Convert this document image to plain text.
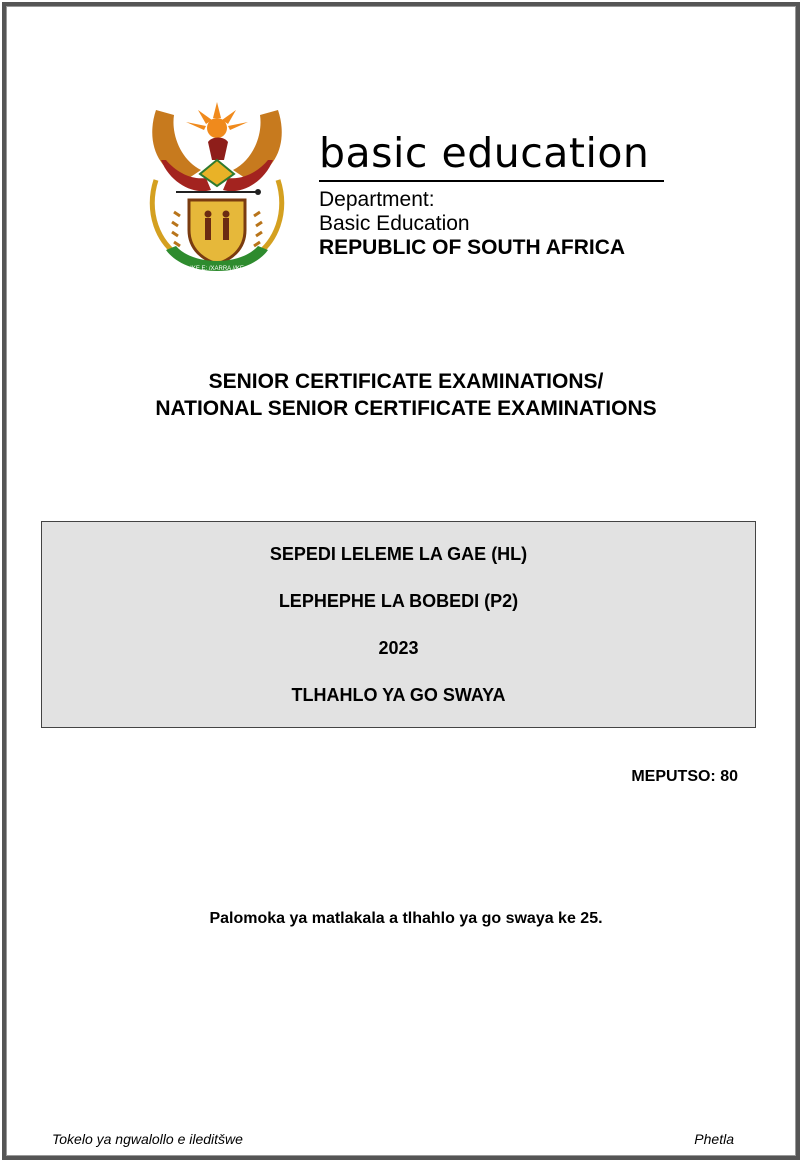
!KE E: /XARRA //KE
basic education
Department:
Basic Education
REPUBLIC OF SOUTH AFRICA
SENIOR CERTIFICATE EXAMINATIONS/
NATIONAL SENIOR CERTIFICATE EXAMINATIONS
SEPEDI LELEME LA GAE (HL)
LEPHEPHE LA BOBEDI (P2)
2023
TLHAHLO YA GO SWAYA
MEPUTSO: 80
Palomoka ya matlakala a tlhahlo ya go swaya ke 25.
Tokelo ya ngwalollo e ileditšwe	Phetla
